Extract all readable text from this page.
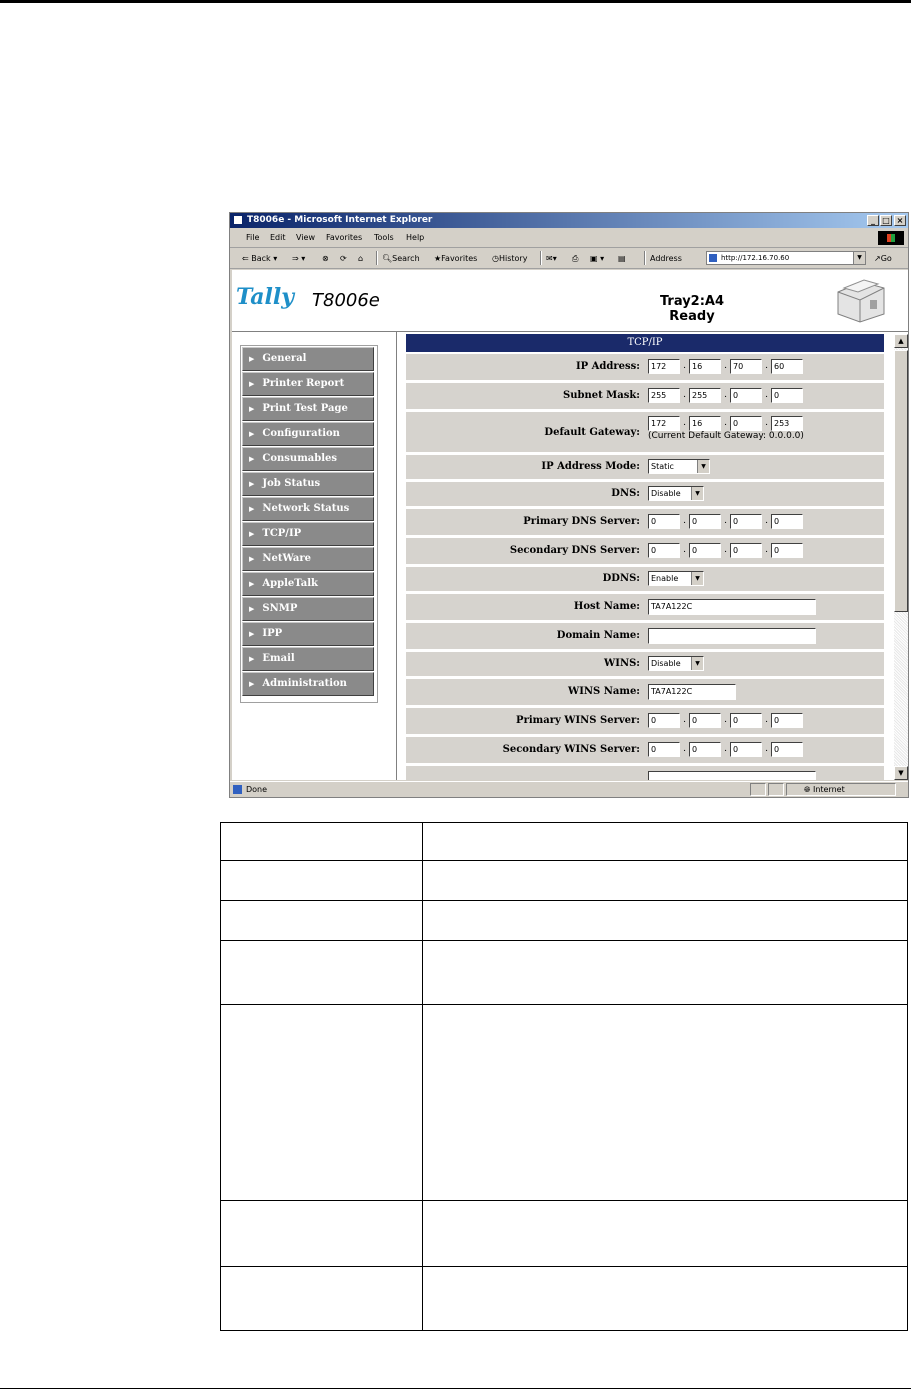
T8006e - Microsoft Internet Explorer	_ □ ×
File Edit View Favorites Tools Help
⇐ Back ▾ ⇒ ▾ ⊗ ⟳ ⌂ 🔍︎Search ★Favorites ◷History ✉▾ ⎙ ▣ ▾ ▤	Address	http://172.16.70.60	▼	↗Go
Tally T8006e	Tray2:A4
Ready
▶ General
▶ Printer Report
▶ Print Test Page
▶ Configuration
▶ Consumables
▶ Job Status
▶ Network Status
▶ TCP/IP
▶ NetWare
▶ AppleTalk
▶ SNMP
▶ IPP
▶ Email
▶ Administration
TCP/IP
IP Address:	172 . 16 . 70 . 60
Subnet Mask:	255 . 255 . 0	. 0
Default Gateway:
172 . 16 . 0	. 253
(Current Default Gateway: 0.0.0.0)
IP Address Mode:	Static	▼
DNS:	Disable	▼
Primary DNS Server:	0	. 0	. 0	. 0
Secondary DNS Server:	0	. 0	. 0	. 0
DDNS:	Enable	▼
Host Name:	TA7A122C
Domain Name:
WINS:	Disable	▼
WINS Name:	TA7A122C
Primary WINS Server:	0	. 0	. 0	. 0
Secondary WINS Server:	0	. 0	. 0	. 0
▲
▼
Done	🌐︎ Internet
